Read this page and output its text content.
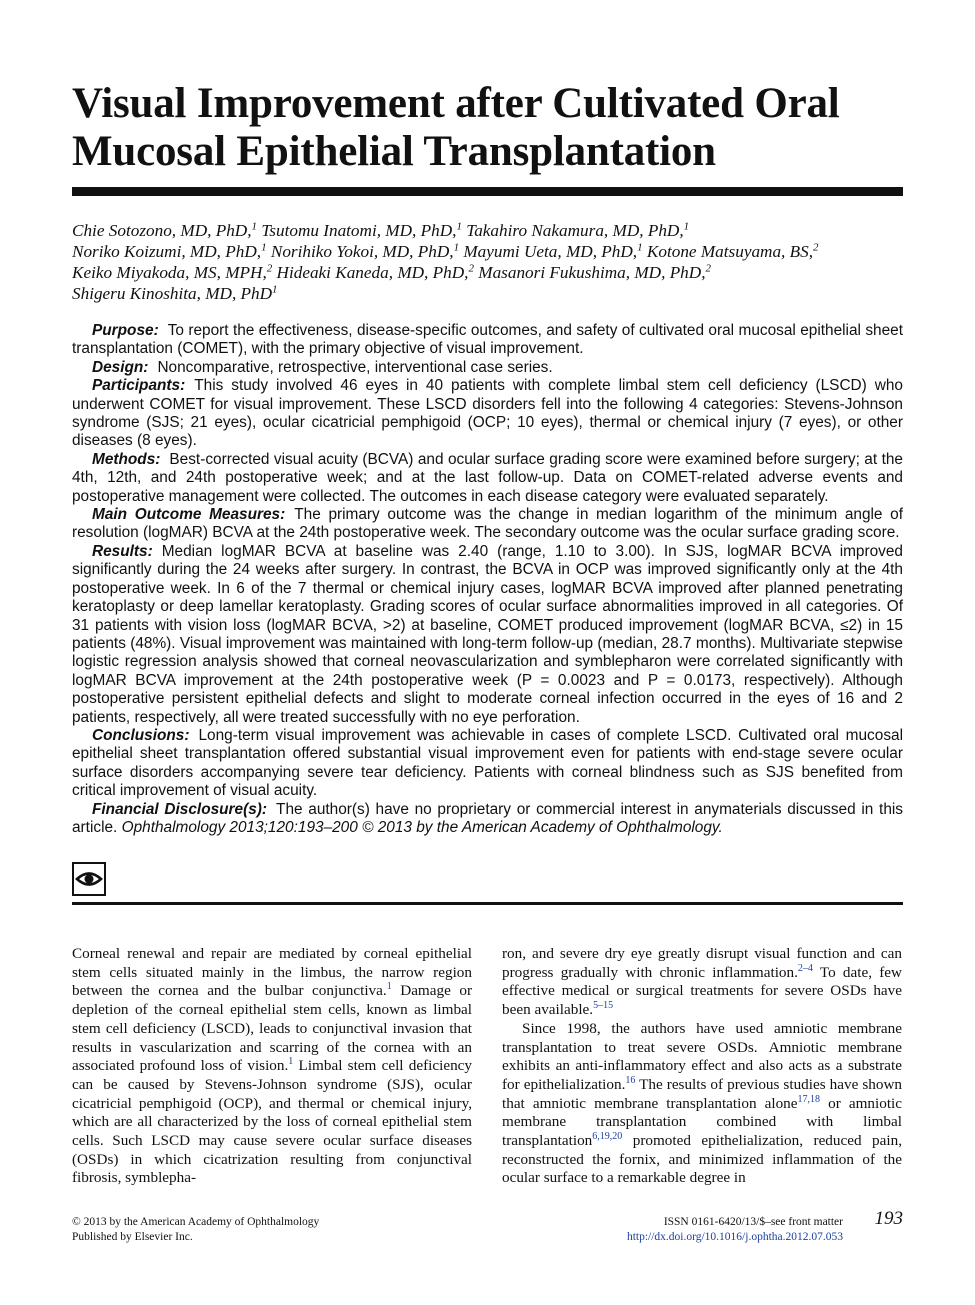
Visual Improvement after Cultivated Oral Mucosal Epithelial Transplantation
Chie Sotozono, MD, PhD,$^1$ Tsutomu Inatomi, MD, PhD,$^1$ Takahiro Nakamura, MD, PhD,$^1$
Noriko Koizumi, MD, PhD,$^1$ Norihiko Yokoi, MD, PhD,$^1$ Mayumi Ueta, MD, PhD,$^1$ Kotone Matsuyama, BS,$^2$
Keiko Miyakoda, MS, MPH,$^2$ Hideaki Kaneda, MD, PhD,$^2$ Masanori Fukushima, MD, PhD,$^2$
Shigeru Kinoshita, MD, PhD$^1$

Purpose: To report the effectiveness, disease-specific outcomes, and safety of cultivated oral mucosal epithelial sheet transplantation (COMET), with the primary objective of visual improvement.

Design: Noncomparative, retrospective, interventional case series.

Participants: This study involved 46 eyes in 40 patients with complete limbal stem cell deficiency (LSCD) who underwent COMET for visual improvement. These LSCD disorders fell into the following 4 categories: Stevens-Johnson syndrome (SJS; 21 eyes), ocular cicatricial pemphigoid (OCP; 10 eyes), thermal or chemical injury (7 eyes), or other diseases (8 eyes).

Methods: Best-corrected visual acuity (BCVA) and ocular surface grading score were examined before surgery; at the 4th, 12th, and 24th postoperative week; and at the last follow-up. Data on COMET-related adverse events and postoperative management were collected. The outcomes in each disease category were evaluated separately.

Main Outcome Measures: The primary outcome was the change in median logarithm of the minimum angle of resolution (logMAR) BCVA at the 24th postoperative week. The secondary outcome was the ocular surface grading score.

Results: Median logMAR BCVA at baseline was 2.40 (range, 1.10 to 3.00). In SJS, logMAR BCVA improved significantly during the 24 weeks after surgery. In contrast, the BCVA in OCP was improved significantly only at the 4th postoperative week. In 6 of the 7 thermal or chemical injury cases, logMAR BCVA improved after planned penetrating keratoplasty or deep lamellar keratoplasty. Grading scores of ocular surface abnormalities improved in all categories. Of 31 patients with vision loss (logMAR BCVA, >2) at baseline, COMET produced improvement (logMAR BCVA, ≤2) in 15 patients (48%). Visual improvement was maintained with long-term follow-up (median, 28.7 months). Multivariate stepwise logistic regression analysis showed that corneal neovascularization and symblepharon were correlated significantly with logMAR BCVA improvement at the 24th postoperative week (P = 0.0023 and P = 0.0173, respectively). Although postoperative persistent epithelial defects and slight to moderate corneal infection occurred in the eyes of 16 and 2 patients, respectively, all were treated successfully with no eye perforation.

Conclusions: Long-term visual improvement was achievable in cases of complete LSCD. Cultivated oral mucosal epithelial sheet transplantation offered substantial visual improvement even for patients with end-stage severe ocular surface disorders accompanying severe tear deficiency. Patients with corneal blindness such as SJS benefited from critical improvement of visual acuity.

Financial Disclosure(s): The author(s) have no proprietary or commercial interest in anymaterials discussed in this article. Ophthalmology 2013;120:193–200 © 2013 by the American Academy of Ophthalmology.

Corneal renewal and repair are mediated by corneal epithelial stem cells situated mainly in the limbus, the narrow region between the cornea and the bulbar conjunctiva.$^1$ Damage or depletion of the corneal epithelial stem cells, known as limbal stem cell deficiency (LSCD), leads to conjunctival invasion that results in vascularization and scarring of the cornea with an associated profound loss of vision.$^1$ Limbal stem cell deficiency can be caused by Stevens-Johnson syndrome (SJS), ocular cicatricial pemphigoid (OCP), and thermal or chemical injury, which are all characterized by the loss of corneal epithelial stem cells. Such LSCD may cause severe ocular surface diseases (OSDs) in which cicatrization resulting from conjunctival fibrosis, symblepha-

ron, and severe dry eye greatly disrupt visual function and can progress gradually with chronic inflammation.$^{2-4}$ To date, few effective medical or surgical treatments for severe OSDs have been available.$^{5-15}$

Since 1998, the authors have used amniotic membrane transplantation to treat severe OSDs. Amniotic membrane exhibits an anti-inflammatory effect and also acts as a substrate for epithelialization.$^{16}$ The results of previous studies have shown that amniotic membrane transplantation alone$^{17,18}$ or amniotic membrane transplantation combined with limbal transplantation$^{6,19,20}$ promoted epithelialization, reduced pain, reconstructed the fornix, and minimized inflammation of the ocular surface to a remarkable degree in

© 2013 by the American Academy of Ophthalmology
Published by Elsevier Inc.
ISSN 0161-6420/13/$–see front matter
http://dx.doi.org/10.1016/j.ophtha.2012.07.053
193
